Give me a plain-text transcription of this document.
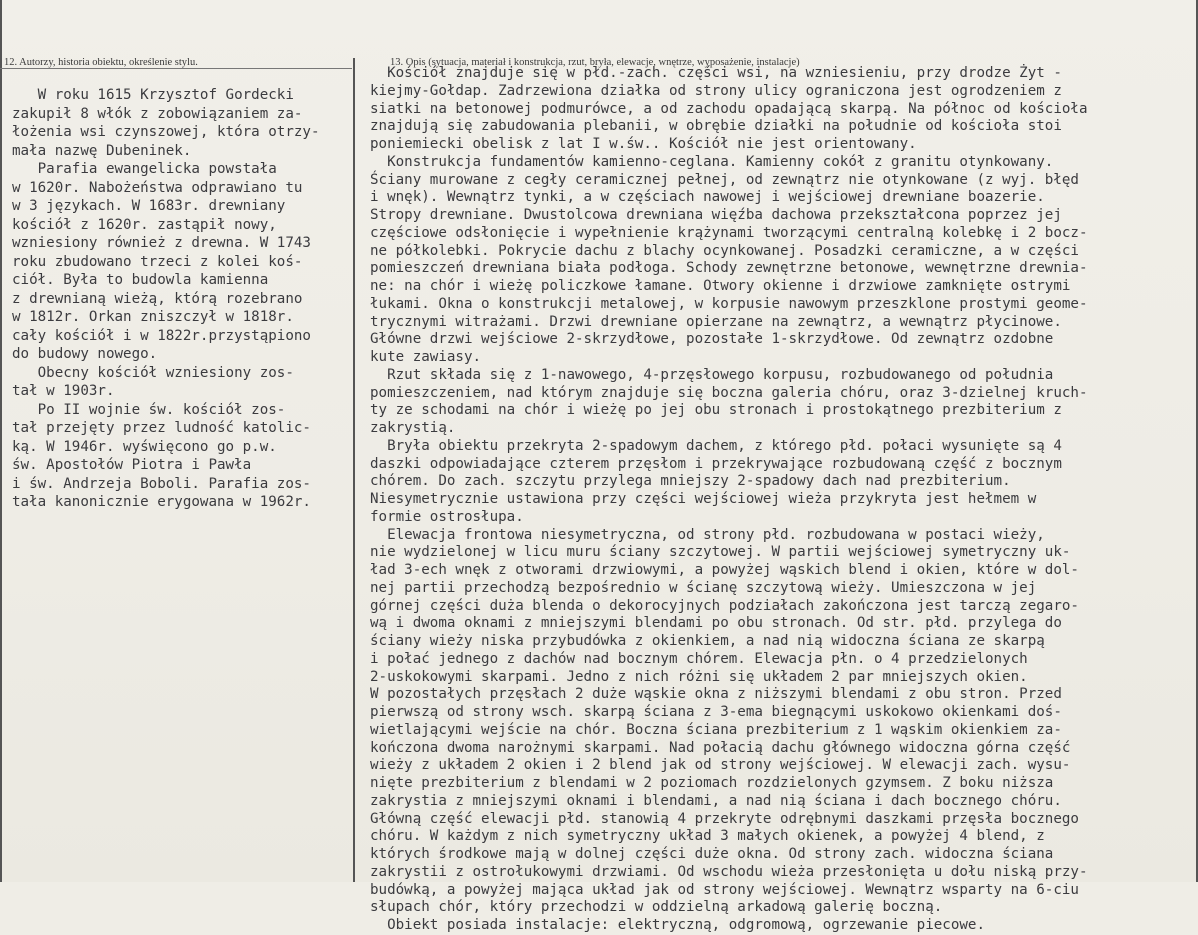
12. Autorzy, historia obiektu, określenie stylu.	13. Opis (sytuacja, materiał i konstrukcja, rzut, bryła, elewacje, wnętrze, wyposażenie, instalacje)
W roku 1615 Krzysztof Gordecki
zakupił 8 włók z zobowiązaniem za-
łożenia wsi czynszowej, która otrzy-
mała nazwę Dubeninek.
Parafia ewangelicka powstała
w 1620r. Nabożeństwa odprawiano tu
w 3 językach. W 1683r. drewniany
kościół z 1620r. zastąpił nowy,
wzniesiony również z drewna. W 1743
roku zbudowano trzeci z kolei koś-
ciół. Była to budowla kamienna
z drewnianą wieżą, którą rozebrano
w 1812r. Orkan zniszczył w 1818r.
cały kościół i w 1822r.przystąpiono
do budowy nowego.
Obecny kościół wzniesiony zos-
tał w 1903r.
Po II wojnie św. kościół zos-
tał przejęty przez ludność katolic-
ką. W 1946r. wyświęcono go p.w.
św. Apostołów Piotra i Pawła
i św. Andrzeja Boboli. Parafia zos-
tała kanonicznie erygowana w 1962r.
Kościół znajduje się w płd.-zach. części wsi, na wzniesieniu, przy drodze Żyt -
kiejmy-Gołdap. Zadrzewiona działka od strony ulicy ograniczona jest ogrodzeniem z
siatki na betonowej podmurówce, a od zachodu opadającą skarpą. Na północ od kościoła
znajdują się zabudowania plebanii, w obrębie działki na południe od kościoła stoi
poniemiecki obelisk z lat I w.św.. Kościół nie jest orientowany.
Konstrukcja fundamentów kamienno-ceglana. Kamienny cokół z granitu otynkowany.
Ściany murowane z cegły ceramicznej pełnej, od zewnątrz nie otynkowane (z wyj. błęd
i wnęk). Wewnątrz tynki, a w częściach nawowej i wejściowej drewniane boazerie.
Stropy drewniane. Dwustolcowa drewniana więźba dachowa przekształcona poprzez jej
częściowe odsłonięcie i wypełnienie krążynami tworzącymi centralną kolebkę i 2 bocz-
ne półkolebki. Pokrycie dachu z blachy ocynkowanej. Posadzki ceramiczne, a w części
pomieszczeń drewniana biała podłoga. Schody zewnętrzne betonowe, wewnętrzne drewnia-
ne: na chór i wieżę policzkowe łamane. Otwory okienne i drzwiowe zamknięte ostrymi
łukami. Okna o konstrukcji metalowej, w korpusie nawowym przeszklone prostymi geome-
trycznymi witrażami. Drzwi drewniane opierzane na zewnątrz, a wewnątrz płycinowe.
Główne drzwi wejściowe 2-skrzydłowe, pozostałe 1-skrzydłowe. Od zewnątrz ozdobne
kute zawiasy.
Rzut składa się z 1-nawowego, 4-przęsłowego korpusu, rozbudowanego od południa
pomieszczeniem, nad którym znajduje się boczna galeria chóru, oraz 3-dzielnej kruch-
ty ze schodami na chór i wieżę po jej obu stronach i prostokątnego prezbiterium z
zakrystią.
Bryła obiektu przekryta 2-spadowym dachem, z którego płd. połaci wysunięte są 4
daszki odpowiadające czterem przęsłom i przekrywające rozbudowaną część z bocznym
chórem. Do zach. szczytu przylega mniejszy 2-spadowy dach nad prezbiterium.
Niesymetrycznie ustawiona przy części wejściowej wieża przykryta jest hełmem w
formie ostrosłupa.
Elewacja frontowa niesymetryczna, od strony płd. rozbudowana w postaci wieży,
nie wydzielonej w licu muru ściany szczytowej. W partii wejściowej symetryczny uk-
ład 3-ech wnęk z otworami drzwiowymi, a powyżej wąskich blend i okien, które w dol-
nej partii przechodzą bezpośrednio w ścianę szczytową wieży. Umieszczona w jej
górnej części duża blenda o dekorocyjnych podziałach zakończona jest tarczą zegaro-
wą i dwoma oknami z mniejszymi blendami po obu stronach. Od str. płd. przylega do
ściany wieży niska przybudówka z okienkiem, a nad nią widoczna ściana ze skarpą
i połać jednego z dachów nad bocznym chórem. Elewacja płn. o 4 przedzielonych
2-uskokowymi skarpami. Jedno z nich różni się układem 2 par mniejszych okien.
W pozostałych przęsłach 2 duże wąskie okna z niższymi blendami z obu stron. Przed
pierwszą od strony wsch. skarpą ściana z 3-ema biegnącymi uskokowo okienkami doś-
wietlającymi wejście na chór. Boczna ściana prezbiterium z 1 wąskim okienkiem za-
kończona dwoma narożnymi skarpami. Nad połacią dachu głównego widoczna górna część
wieży z układem 2 okien i 2 blend jak od strony wejściowej. W elewacji zach. wysu-
nięte prezbiterium z blendami w 2 poziomach rozdzielonych gzymsem. Z boku niższa
zakrystia z mniejszymi oknami i blendami, a nad nią ściana i dach bocznego chóru.
Główną część elewacji płd. stanowią 4 przekryte odrębnymi daszkami przęsła bocznego
chóru. W każdym z nich symetryczny układ 3 małych okienek, a powyżej 4 blend, z
których środkowe mają w dolnej części duże okna. Od strony zach. widoczna ściana
zakrystii z ostrołukowymi drzwiami. Od wschodu wieża przesłonięta u dołu niską przy-
budówką, a powyżej mająca układ jak od strony wejściowej. Wewnątrz wsparty na 6-ciu
słupach chór, który przechodzi w oddzielną arkadową galerię boczną.
Obiekt posiada instalacje: elektryczną, odgromową, ogrzewanie piecowe.
